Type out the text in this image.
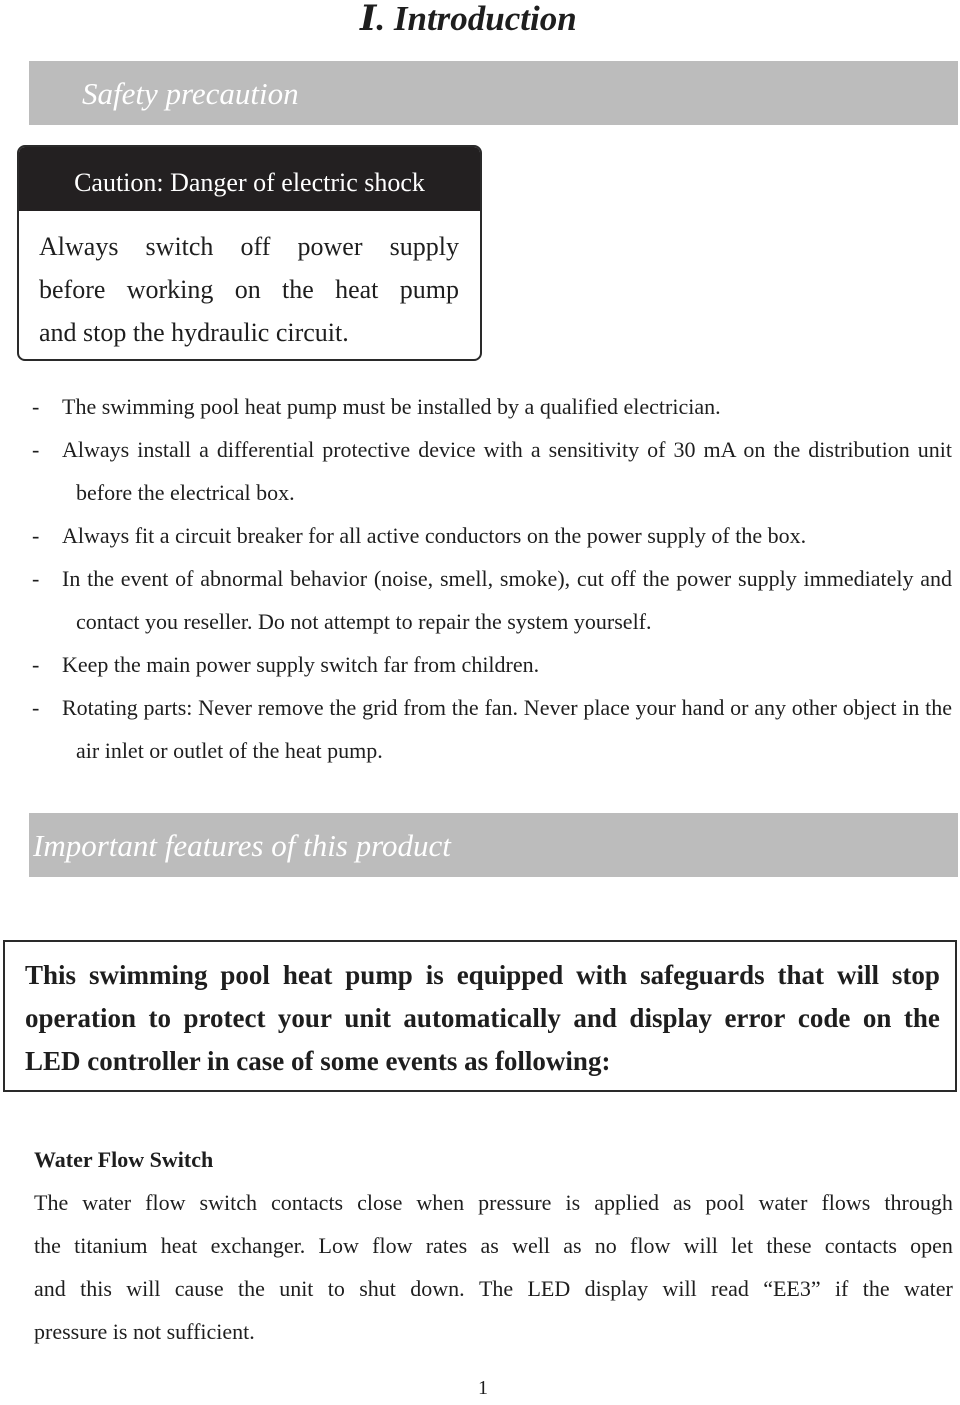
Ⅰ. Introduction
Safety precaution
Caution: Danger of electric shock
Always switch off power supply
before working on the heat pump
and stop the hydraulic circuit.
- The swimming pool heat pump must be installed by a qualified electrician.
- Always install a differential protective device with a sensitivity of 30 mA on the distribution unit before the electrical box.
- Always fit a circuit breaker for all active conductors on the power supply of the box.
- In the event of abnormal behavior (noise, smell, smoke), cut off the power supply immediately and contact you reseller. Do not attempt to repair the system yourself.
- Keep the main power supply switch far from children.
- Rotating parts: Never remove the grid from the fan. Never place your hand or any other object in the air inlet or outlet of the heat pump.
Important features of this product
This swimming pool heat pump is equipped with safeguards that will stop
operation to protect your unit automatically and display error code on the
LED controller in case of some events as following:
Water Flow Switch
The water flow switch contacts close when pressure is applied as pool water flows through
the titanium heat exchanger. Low flow rates as well as no flow will let these contacts open
and this will cause the unit to shut down. The LED display will read “EE3” if the water
pressure is not sufficient.
1
